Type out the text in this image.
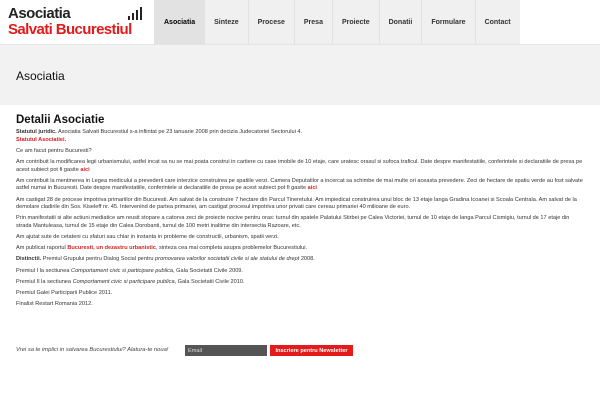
Asociatia
Salvati Bucurestiul	Asociatia	Sinteze	Procese	Presa	Proiecte	Donatii	Formulare	Contact
Asociatia
Detalii Asociatie

Statutul juridic. Asociatia Salvati Bucurestiul s-a infiintat pe 23 ianuarie 2008 prin decizia Judecatoriei Sectorului 4.
Statutul Asociatiei.

Ce am facut pentru Bucuresti?

Am contribuit la modificarea legii urbanismului, astfel incat sa nu se mai poata construi in cartiere cu case imobile de 10 etaje, care uratesc orasul si sufoca traficul. Date despre manifestatiile, conferintele si declaratiile de presa pe acest subiect pot fi gasite aici

Am contribuit la mentinerea in Legea medicului a prevederii care interzice construirea pe spatiile verzi. Camera Deputatilor a incercat sa schimbe de mai multe ori aceasta prevedere. Zeci de hectare de spatiu verde au fost salvate astfel numai in Bucuresti. Date despre manifestatiile, conferintele si declaratiile de presa pe acest subiect pot fi gasite aici

Am castigat 28 de procese impotriva primariilor din Bucuresti. Am salvat de la construire 7 hectare din Parcul Tineretului. Am impiedicat construirea unui bloc de 13 etaje langa Gradina Icoanei si Scoala Centrala. Am salvat de la demolare cladirile din Sos. Kiseleff nr. 45. Intervenind de partea primariei, am castigat procesul impotriva unor privati care cereau primariei 40 milioane de euro.

Prin manifestatii si alte actiuni mediatice am reusit stopare a catorva zeci de proiecte nocive pentru oras: turnul din spatele Palatului Stirbei pe Calea Victoriei, turnul de 10 etaje de langa Parcul Cismigiu, turnul de 17 etaje din strada Mantuleasa, turnul de 15 etaje din Calea Dorobanti, turnul de 100 metri inaltime din intersectia Razoare, etc.

Am ajutat sute de cetateni cu sfaturi sau chiar in instanta in probleme de constructii, urbanism, spatii verzi.

Am publicat raportul Bucuresti, un dezastru urbanistic, sinteza cea mai completa asupra problemelor Bucurestiului.

Distinctii. Premiul Grupului pentru Dialog Social pentru promovarea valorilor societatii civile si ale statului de drept 2008.

Premiul I la sectiunea Comportament civic si participare publica, Gala Societatii Civile 2009.

Premiul II la sectiunea Comportament civic si participare publica, Gala Societatii Civile 2010.

Premiul Galei Participarii Publice 2011.

Finalist Restart Romania 2012.

Vrei sa te implici in salvarea Bucurestiului? Alatura-te noua!
Email	Inscriere pentru Newsletter
